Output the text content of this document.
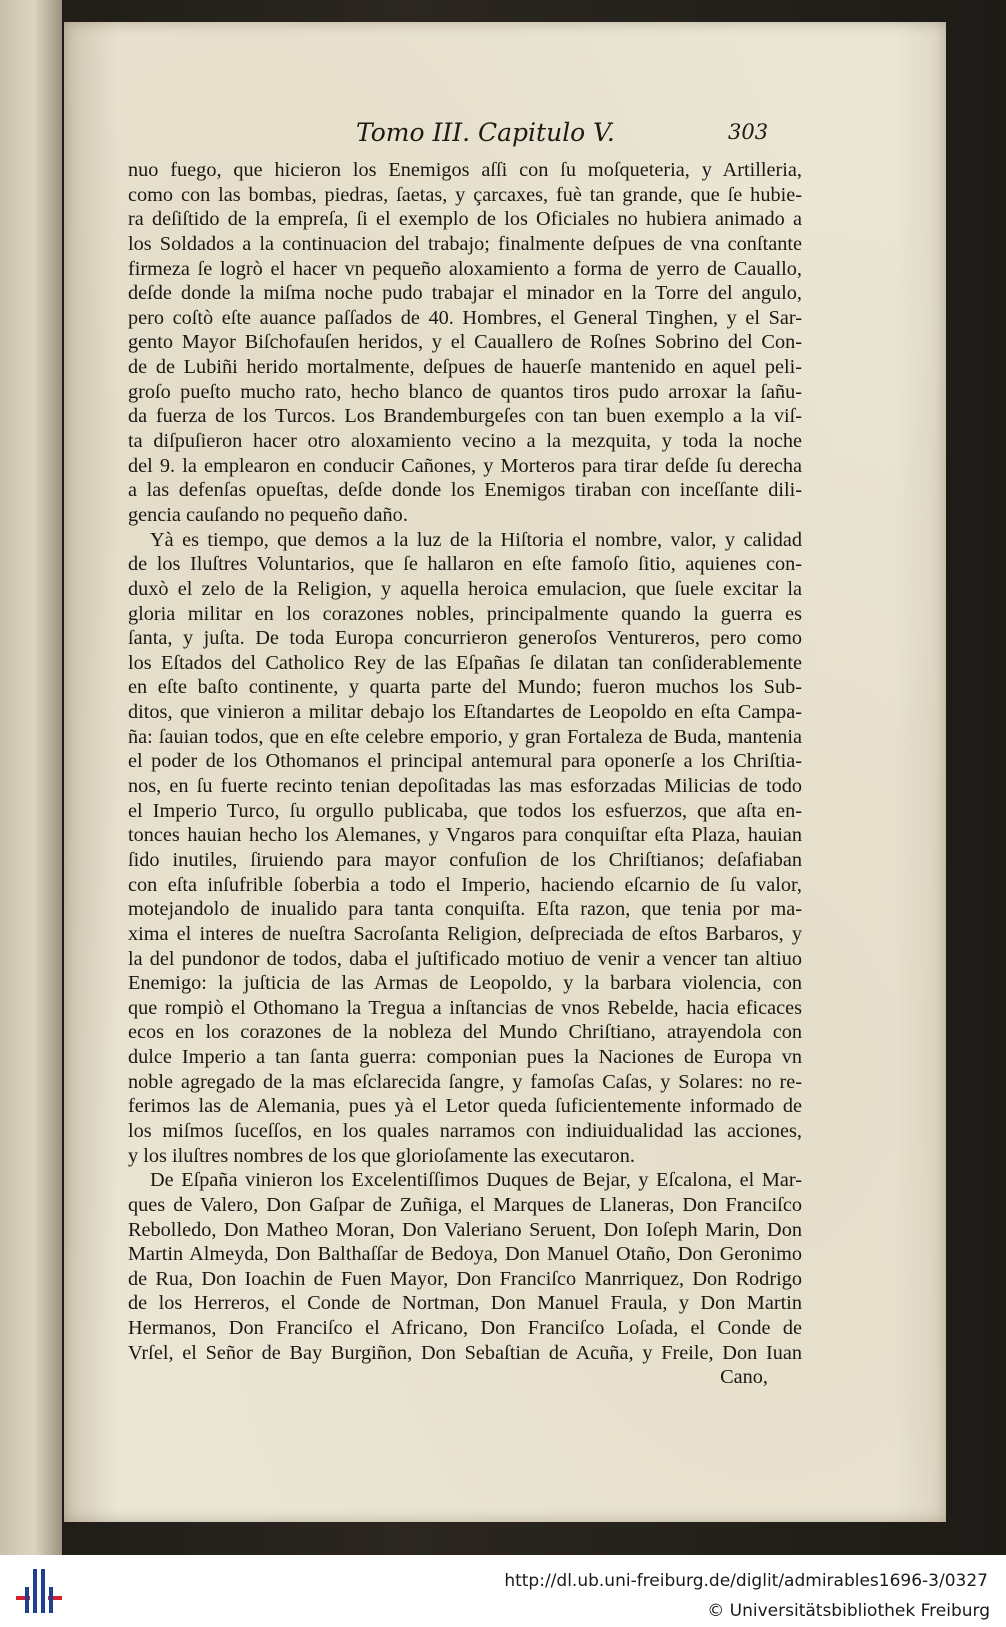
Tomo III. Capitulo V.	303
nuo fuego, que hicieron los Enemigos aſſi con ſu moſqueteria, y Artilleria,
como con las bombas, piedras, ſaetas, y çarcaxes, fuè tan grande, que ſe hubie-
ra deſiſtido de la empreſa, ſi el exemplo de los Oficiales no hubiera animado a
los Soldados a la continuacion del trabajo; finalmente deſpues de vna conſtante
firmeza ſe logrò el hacer vn pequeño aloxamiento a forma de yerro de Cauallo,
deſde donde la miſma noche pudo trabajar el minador en la Torre del angulo,
pero coſtò eſte auance paſſados de 40. Hombres, el General Tinghen, y el Sar-
gento Mayor Biſchofauſen heridos, y el Cauallero de Roſnes Sobrino del Con-
de de Lubiñi herido mortalmente, deſpues de hauerſe mantenido en aquel peli-
groſo pueſto mucho rato, hecho blanco de quantos tiros pudo arroxar la ſañu-
da fuerza de los Turcos. Los Brandemburgeſes con tan buen exemplo a la viſ-
ta diſpuſieron hacer otro aloxamiento vecino a la mezquita, y toda la noche
del 9. la emplearon en conducir Cañones, y Morteros para tirar deſde ſu derecha
a las defenſas opueſtas, deſde donde los Enemigos tiraban con inceſſante dili-
gencia cauſando no pequeño daño.
Yà es tiempo, que demos a la luz de la Hiſtoria el nombre, valor, y calidad
de los Iluſtres Voluntarios, que ſe hallaron en eſte famoſo ſitio, aquienes con-
duxò el zelo de la Religion, y aquella heroica emulacion, que ſuele excitar la
gloria militar en los corazones nobles, principalmente quando la guerra es
ſanta, y juſta. De toda Europa concurrieron generoſos Ventureros, pero como
los Eſtados del Catholico Rey de las Eſpañas ſe dilatan tan conſiderablemente
en eſte baſto continente, y quarta parte del Mundo; fueron muchos los Sub-
ditos, que vinieron a militar debajo los Eſtandartes de Leopoldo en eſta Campa-
ña: ſauian todos, que en eſte celebre emporio, y gran Fortaleza de Buda, mantenia
el poder de los Othomanos el principal antemural para oponerſe a los Chriſtia-
nos, en ſu fuerte recinto tenian depoſitadas las mas esforzadas Milicias de todo
el Imperio Turco, ſu orgullo publicaba, que todos los esfuerzos, que aſta en-
tonces hauian hecho los Alemanes, y Vngaros para conquiſtar eſta Plaza, hauian
ſido inutiles, ſiruiendo para mayor confuſion de los Chriſtianos; deſafiaban
con eſta inſufrible ſoberbia a todo el Imperio, haciendo eſcarnio de ſu valor,
motejandolo de inualido para tanta conquiſta. Eſta razon, que tenia por ma-
xima el interes de nueſtra Sacroſanta Religion, deſpreciada de eſtos Barbaros, y
la del pundonor de todos, daba el juſtificado motiuo de venir a vencer tan altiuo
Enemigo: la juſticia de las Armas de Leopoldo, y la barbara violencia, con
que rompiò el Othomano la Tregua a inſtancias de vnos Rebelde, hacia eficaces
ecos en los corazones de la nobleza del Mundo Chriſtiano, atrayendola con
dulce Imperio a tan ſanta guerra: componian pues la Naciones de Europa vn
noble agregado de la mas eſclarecida ſangre, y famoſas Caſas, y Solares: no re-
ferimos las de Alemania, pues yà el Letor queda ſuficientemente informado de
los miſmos ſuceſſos, en los quales narramos con indiuidualidad las acciones,
y los iluſtres nombres de los que glorioſamente las executaron.
De Eſpaña vinieron los Excelentiſſimos Duques de Bejar, y Eſcalona, el Mar-
ques de Valero, Don Gaſpar de Zuñiga, el Marques de Llaneras, Don Franciſco
Rebolledo, Don Matheo Moran, Don Valeriano Seruent, Don Ioſeph Marin, Don
Martin Almeyda, Don Balthaſſar de Bedoya, Don Manuel Otaño, Don Geronimo
de Rua, Don Ioachin de Fuen Mayor, Don Franciſco Manrriquez, Don Rodrigo
de los Herreros, el Conde de Nortman, Don Manuel Fraula, y Don Martin
Hermanos, Don Franciſco el Africano, Don Franciſco Loſada, el Conde de
Vrſel, el Señor de Bay Burgiñon, Don Sebaſtian de Acuña, y Freile, Don Iuan
Cano,
http://dl.ub.uni-freiburg.de/diglit/admirables1696-3/0327
© Universitätsbibliothek Freiburg
